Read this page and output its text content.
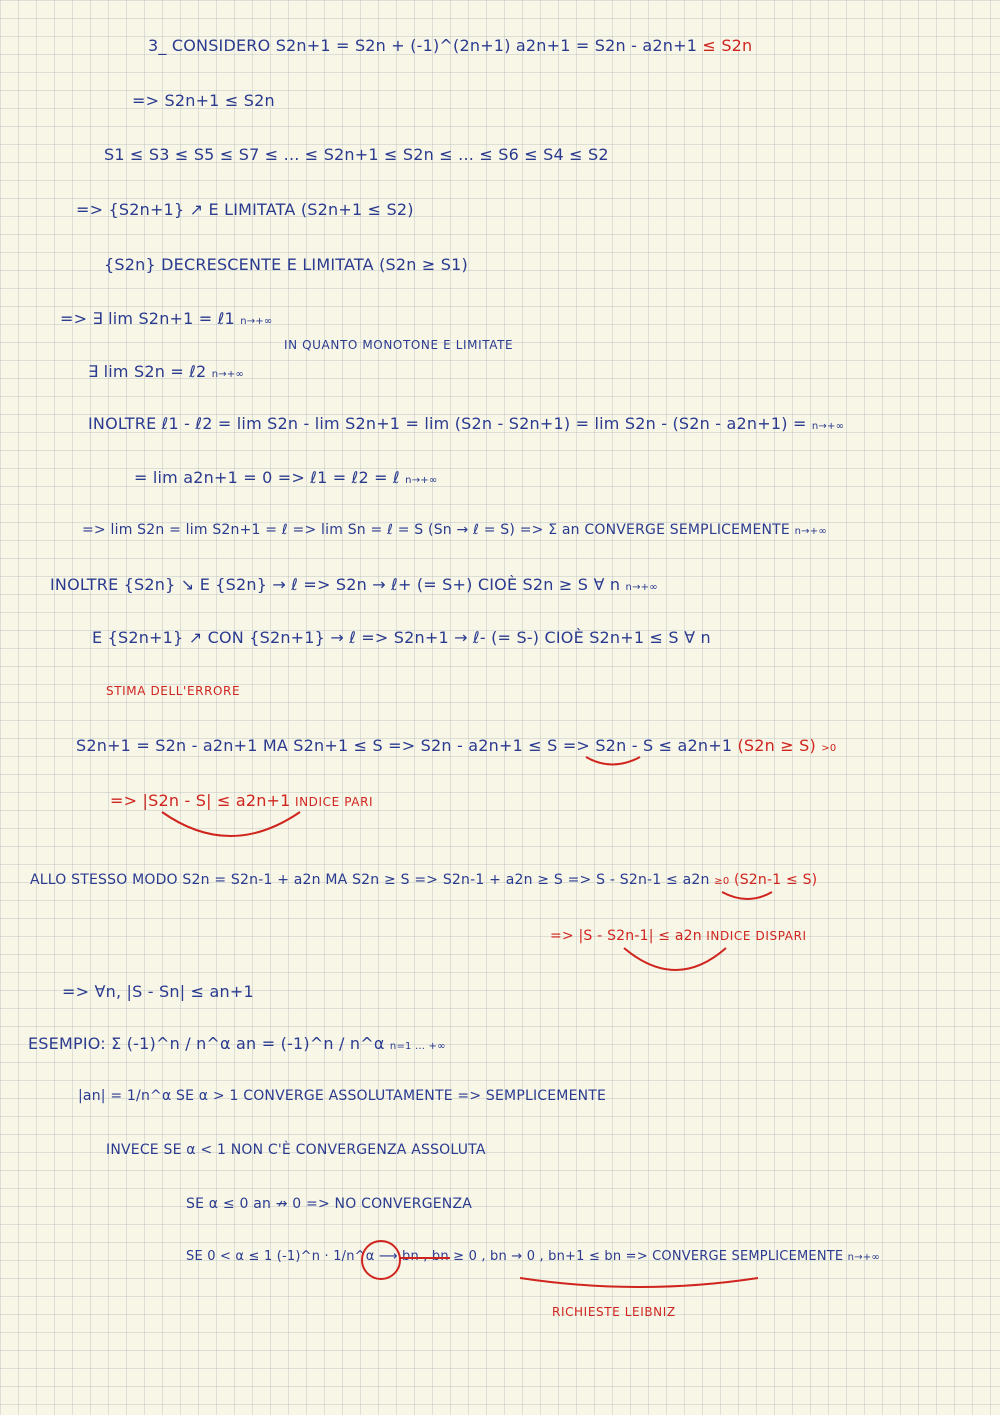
3_ CONSIDERO S2n+1 = S2n + (-1)^(2n+1) a2n+1 = S2n - a2n+1 ≤ S2n
=> S2n+1 ≤ S2n
S1 ≤ S3 ≤ S5 ≤ S7 ≤ ... ≤ S2n+1 ≤ S2n ≤ ... ≤ S6 ≤ S4 ≤ S2
=> {S2n+1} ↗ E LIMITATA (S2n+1 ≤ S2)
{S2n} DECRESCENTE E LIMITATA (S2n ≥ S1)
=> ∃ lim S2n+1 = ℓ1 n→+∞
IN QUANTO MONOTONE E LIMITATE
∃ lim S2n = ℓ2 n→+∞
INOLTRE ℓ1 - ℓ2 = lim S2n - lim S2n+1 = lim (S2n - S2n+1) = lim S2n - (S2n - a2n+1) = n→+∞
= lim a2n+1 = 0 => ℓ1 = ℓ2 = ℓ n→+∞
=> lim S2n = lim S2n+1 = ℓ => lim Sn = ℓ = S (Sn → ℓ = S) => Σ an CONVERGE SEMPLICEMENTE n→+∞
INOLTRE {S2n} ↘ E {S2n} → ℓ => S2n → ℓ+ (= S+) CIOÈ S2n ≥ S ∀ n n→+∞
E {S2n+1} ↗ CON {S2n+1} → ℓ => S2n+1 → ℓ- (= S-) CIOÈ S2n+1 ≤ S ∀ n
STIMA DELL'ERRORE
S2n+1 = S2n - a2n+1 MA S2n+1 ≤ S => S2n - a2n+1 ≤ S => S2n - S ≤ a2n+1 (S2n ≥ S) >0
=> |S2n - S| ≤ a2n+1 INDICE PARI
ALLO STESSO MODO S2n = S2n-1 + a2n MA S2n ≥ S => S2n-1 + a2n ≥ S => S - S2n-1 ≤ a2n ≥0 (S2n-1 ≤ S)
=> |S - S2n-1| ≤ a2n INDICE DISPARI
=> ∀n, |S - Sn| ≤ an+1
ESEMPIO: Σ (-1)^n / n^α an = (-1)^n / n^α n=1 … +∞
|an| = 1/n^α SE α > 1 CONVERGE ASSOLUTAMENTE => SEMPLICEMENTE
INVECE SE α < 1 NON C'È CONVERGENZA ASSOLUTA
SE α ≤ 0 an ↛ 0 => NO CONVERGENZA
SE 0 < α ≤ 1 (-1)^n · 1/n^α ⟶ bn , bn ≥ 0 , bn → 0 , bn+1 ≤ bn => CONVERGE SEMPLICEMENTE n→+∞
RICHIESTE LEIBNIZ
